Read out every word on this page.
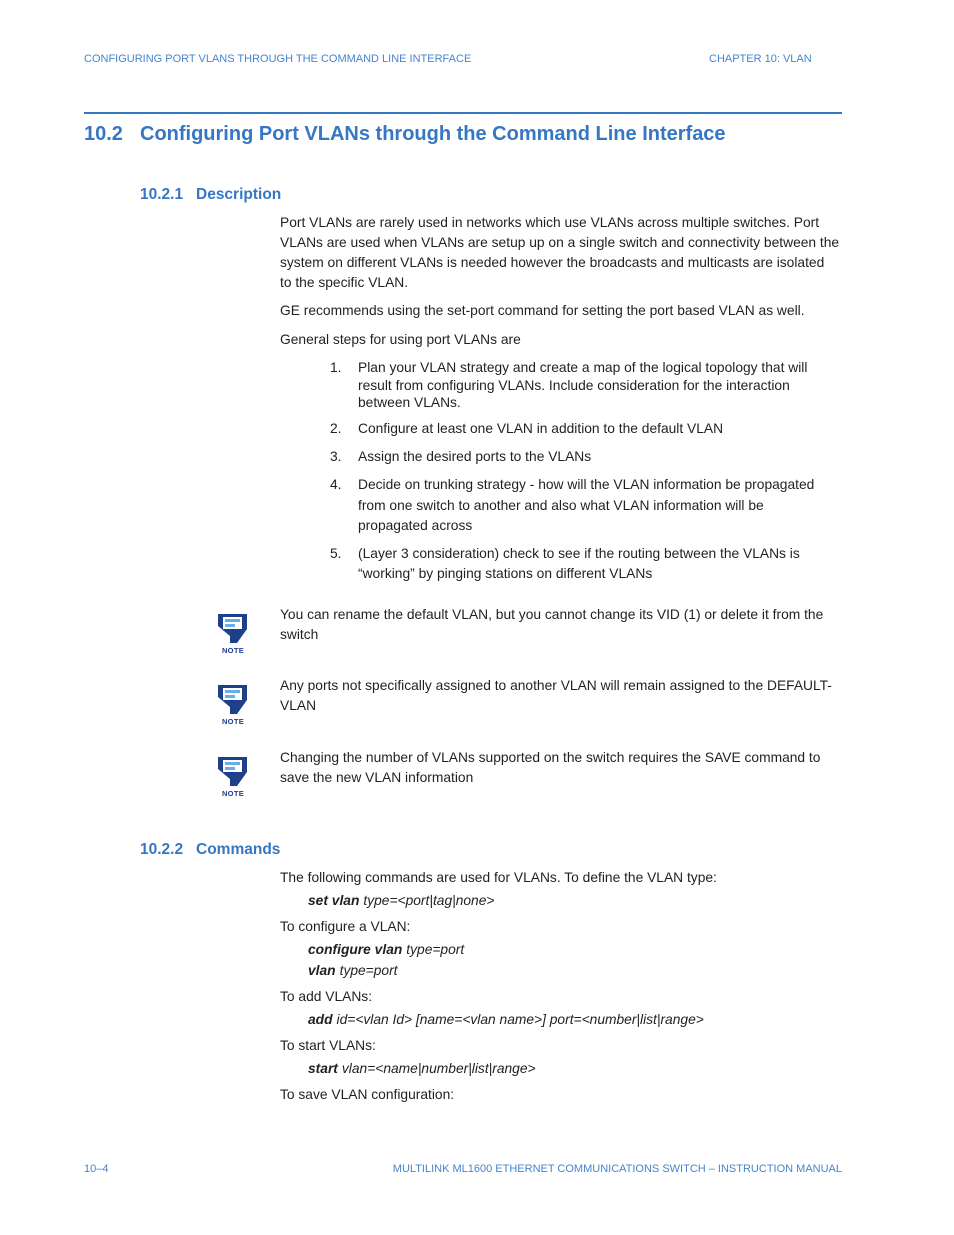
CONFIGURING PORT VLANS THROUGH THE COMMAND LINE INTERFACE	CHAPTER 10: VLAN
10.2 Configuring Port VLANs through the Command Line Interface
10.2.1 Description
Port VLANs are rarely used in networks which use VLANs across multiple switches. Port
VLANs are used when VLANs are setup up on a single switch and connectivity between the
system on different VLANs is needed however the broadcasts and multicasts are isolated
to the specific VLAN.
GE recommends using the set-port command for setting the port based VLAN as well.
General steps for using port VLANs are
1. Plan your VLAN strategy and create a map of the logical topology that will
result from configuring VLANs. Include consideration for the interaction
between VLANs.
2. Configure at least one VLAN in addition to the default VLAN
3. Assign the desired ports to the VLANs
4. Decide on trunking strategy - how will the VLAN information be propagated
from one switch to another and also what VLAN information will be
propagated across
5. (Layer 3 consideration) check to see if the routing between the VLANs is
“working” by pinging stations on different VLANs
NOTE
You can rename the default VLAN, but you cannot change its VID (1) or delete it from the
switch
NOTE
Any ports not specifically assigned to another VLAN will remain assigned to the DEFAULT-
VLAN
NOTE
Changing the number of VLANs supported on the switch requires the SAVE command to
save the new VLAN information
10.2.2 Commands
The following commands are used for VLANs. To define the VLAN type:
set vlan type=<port|tag|none>
To configure a VLAN:
configure vlan type=port
vlan type=port
To add VLANs:
add id=<vlan Id> [name=<vlan name>] port=<number|list|range>
To start VLANs:
start vlan=<name|number|list|range>
To save VLAN configuration:
10–4	MULTILINK ML1600 ETHERNET COMMUNICATIONS SWITCH – INSTRUCTION MANUAL
